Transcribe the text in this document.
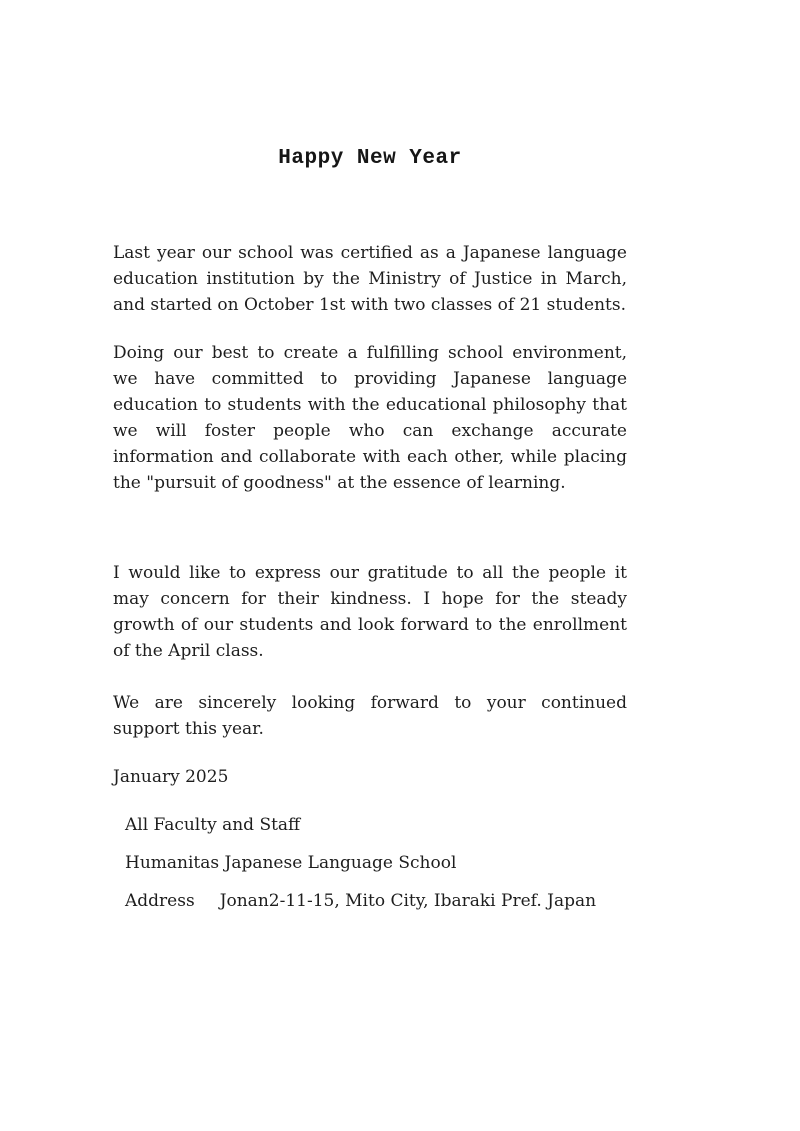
Happy New Year

Last year our school was certified as a Japanese language education institution by the Ministry of Justice in March, and started on October 1st with two classes of 21 students.

Doing our best to create a fulfilling school environment, we have committed to providing Japanese language education to students with the educational philosophy that we will foster people who can exchange accurate information and collaborate with each other, while placing the "pursuit of goodness" at the essence of learning.

I would like to express our gratitude to all the people it may concern for their kindness. I hope for the steady growth of our students and look forward to the enrollment of the April class.

We are sincerely looking forward to your continued support this year.

January 2025

All Faculty and Staff

Humanitas Japanese Language School

Address Jonan2-11-15, Mito City, Ibaraki Pref. Japan
